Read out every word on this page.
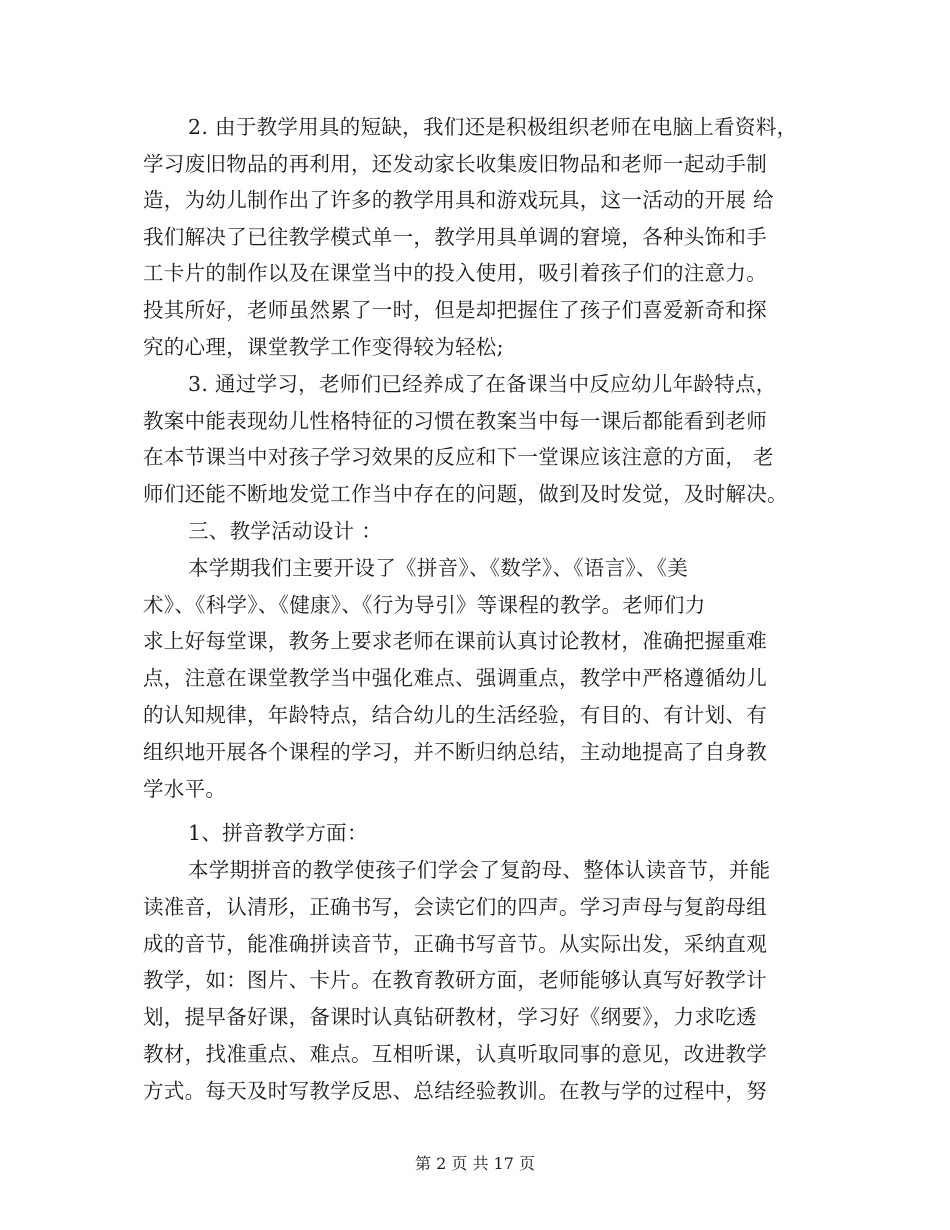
2. 由于教学用具的短缺，我们还是积极组织老师在电脑上看资料，
学习废旧物品的再利用，还发动家长收集废旧物品和老师一起动手制
造，为幼儿制作出了许多的教学用具和游戏玩具，这一活动的开展 给
我们解决了已往教学模式单一，教学用具单调的窘境，各种头饰和手
工卡片的制作以及在课堂当中的投入使用，吸引着孩子们的注意力。
投其所好，老师虽然累了一时，但是却把握住了孩子们喜爱新奇和探
究的心理，课堂教学工作变得较为轻松;
3. 通过学习，老师们已经养成了在备课当中反应幼儿年龄特点，
教案中能表现幼儿性格特征的习惯在教案当中每一课后都能看到老师
在本节课当中对孩子学习效果的反应和下一堂课应该注意的方面， 老
师们还能不断地发觉工作当中存在的问题，做到及时发觉，及时解决。
三、教学活动设计 ：
本学期我们主要开设了《拼音》、《数学》、《语言》、《美
术》、《科学》、《健康》、《行为导引》等课程的教学。老师们力
求上好每堂课，教务上要求老师在课前认真讨论教材，准确把握重难
点，注意在课堂教学当中强化难点、强调重点，教学中严格遵循幼儿
的认知规律，年龄特点，结合幼儿的生活经验，有目的、有计划、有
组织地开展各个课程的学习，并不断归纳总结，主动地提高了自身教
学水平。
1、拼音教学方面：
本学期拼音的教学使孩子们学会了复韵母、整体认读音节，并能
读准音，认清形，正确书写，会读它们的四声。学习声母与复韵母组
成的音节，能准确拼读音节，正确书写音节。从实际出发，采纳直观
教学，如：图片、卡片。在教育教研方面，老师能够认真写好教学计
划，提早备好课，备课时认真钻研教材，学习好《纲要》，力求吃透
教材，找准重点、难点。互相听课，认真听取同事的意见，改进教学
方式。每天及时写教学反思、总结经验教训。在教与学的过程中，努
第 2 页 共 17 页
